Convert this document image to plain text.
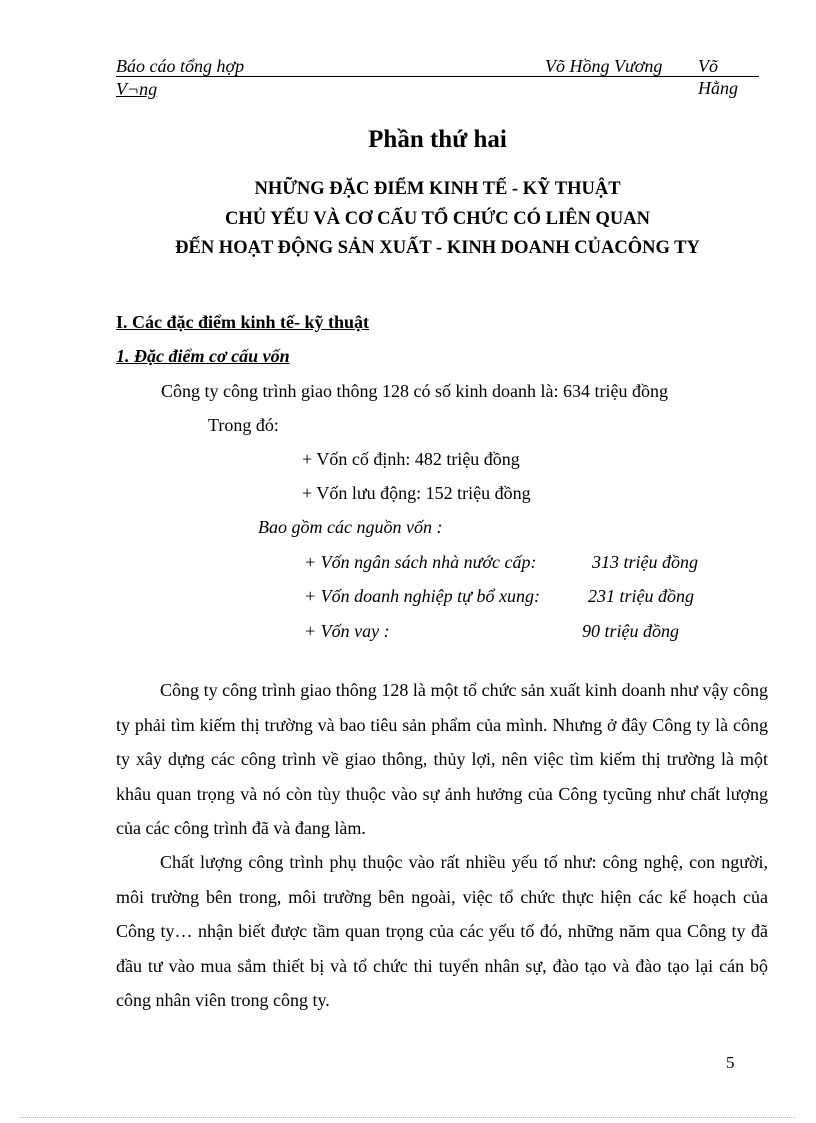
Báo cáo tổng hợp	Võ Hồng Vương Võ Hằng
V¬ng
Phần thứ hai
NHỮNG ĐẶC ĐIỂM KINH TẾ - KỸ THUẬT
CHỦ YẾU VÀ CƠ CẤU TỔ CHỨC CÓ LIÊN QUAN
ĐẾN HOẠT ĐỘNG SẢN XUẤT - KINH DOANH CỦACÔNG TY
I. Các đặc điểm kinh tế- kỹ thuật
1. Đặc điểm cơ cấu vốn
Công ty công trình giao thông 128 có số kinh doanh là: 634 triệu đồng
Trong đó:
+ Vốn cố định: 482 triệu đồng
+ Vốn lưu động: 152 triệu đồng
Bao gồm các nguồn vốn :
+ Vốn ngân sách nhà nước cấp:	313 triệu đồng
+ Vốn doanh nghiệp tự bổ xung:	231 triệu đồng
+ Vốn vay :	90 triệu đồng
Công ty công trình giao thông 128 là một tổ chức sản xuất kinh doanh như vậy công ty phải tìm kiếm thị trường và bao tiêu sản phẩm của mình. Nhưng ở đây Công ty là công ty xây dựng các công trình về giao thông, thủy lợi, nên việc tìm kiếm thị trường là một khâu quan trọng và nó còn tùy thuộc vào sự ảnh hưởng của Công tycũng như chất lượng của các công trình đã và đang làm.
Chất lượng công trình phụ thuộc vào rất nhiều yếu tố như: công nghệ, con người, môi trường bên trong, môi trường bên ngoài, việc tổ chức thực hiện các kế hoạch của Công ty… nhận biết được tầm quan trọng của các yếu tố đó, những năm qua Công ty đã đầu tư vào mua sắm thiết bị và tổ chức thi tuyển nhân sự, đào tạo và đào tạo lại cán bộ công nhân viên trong công ty.
5
